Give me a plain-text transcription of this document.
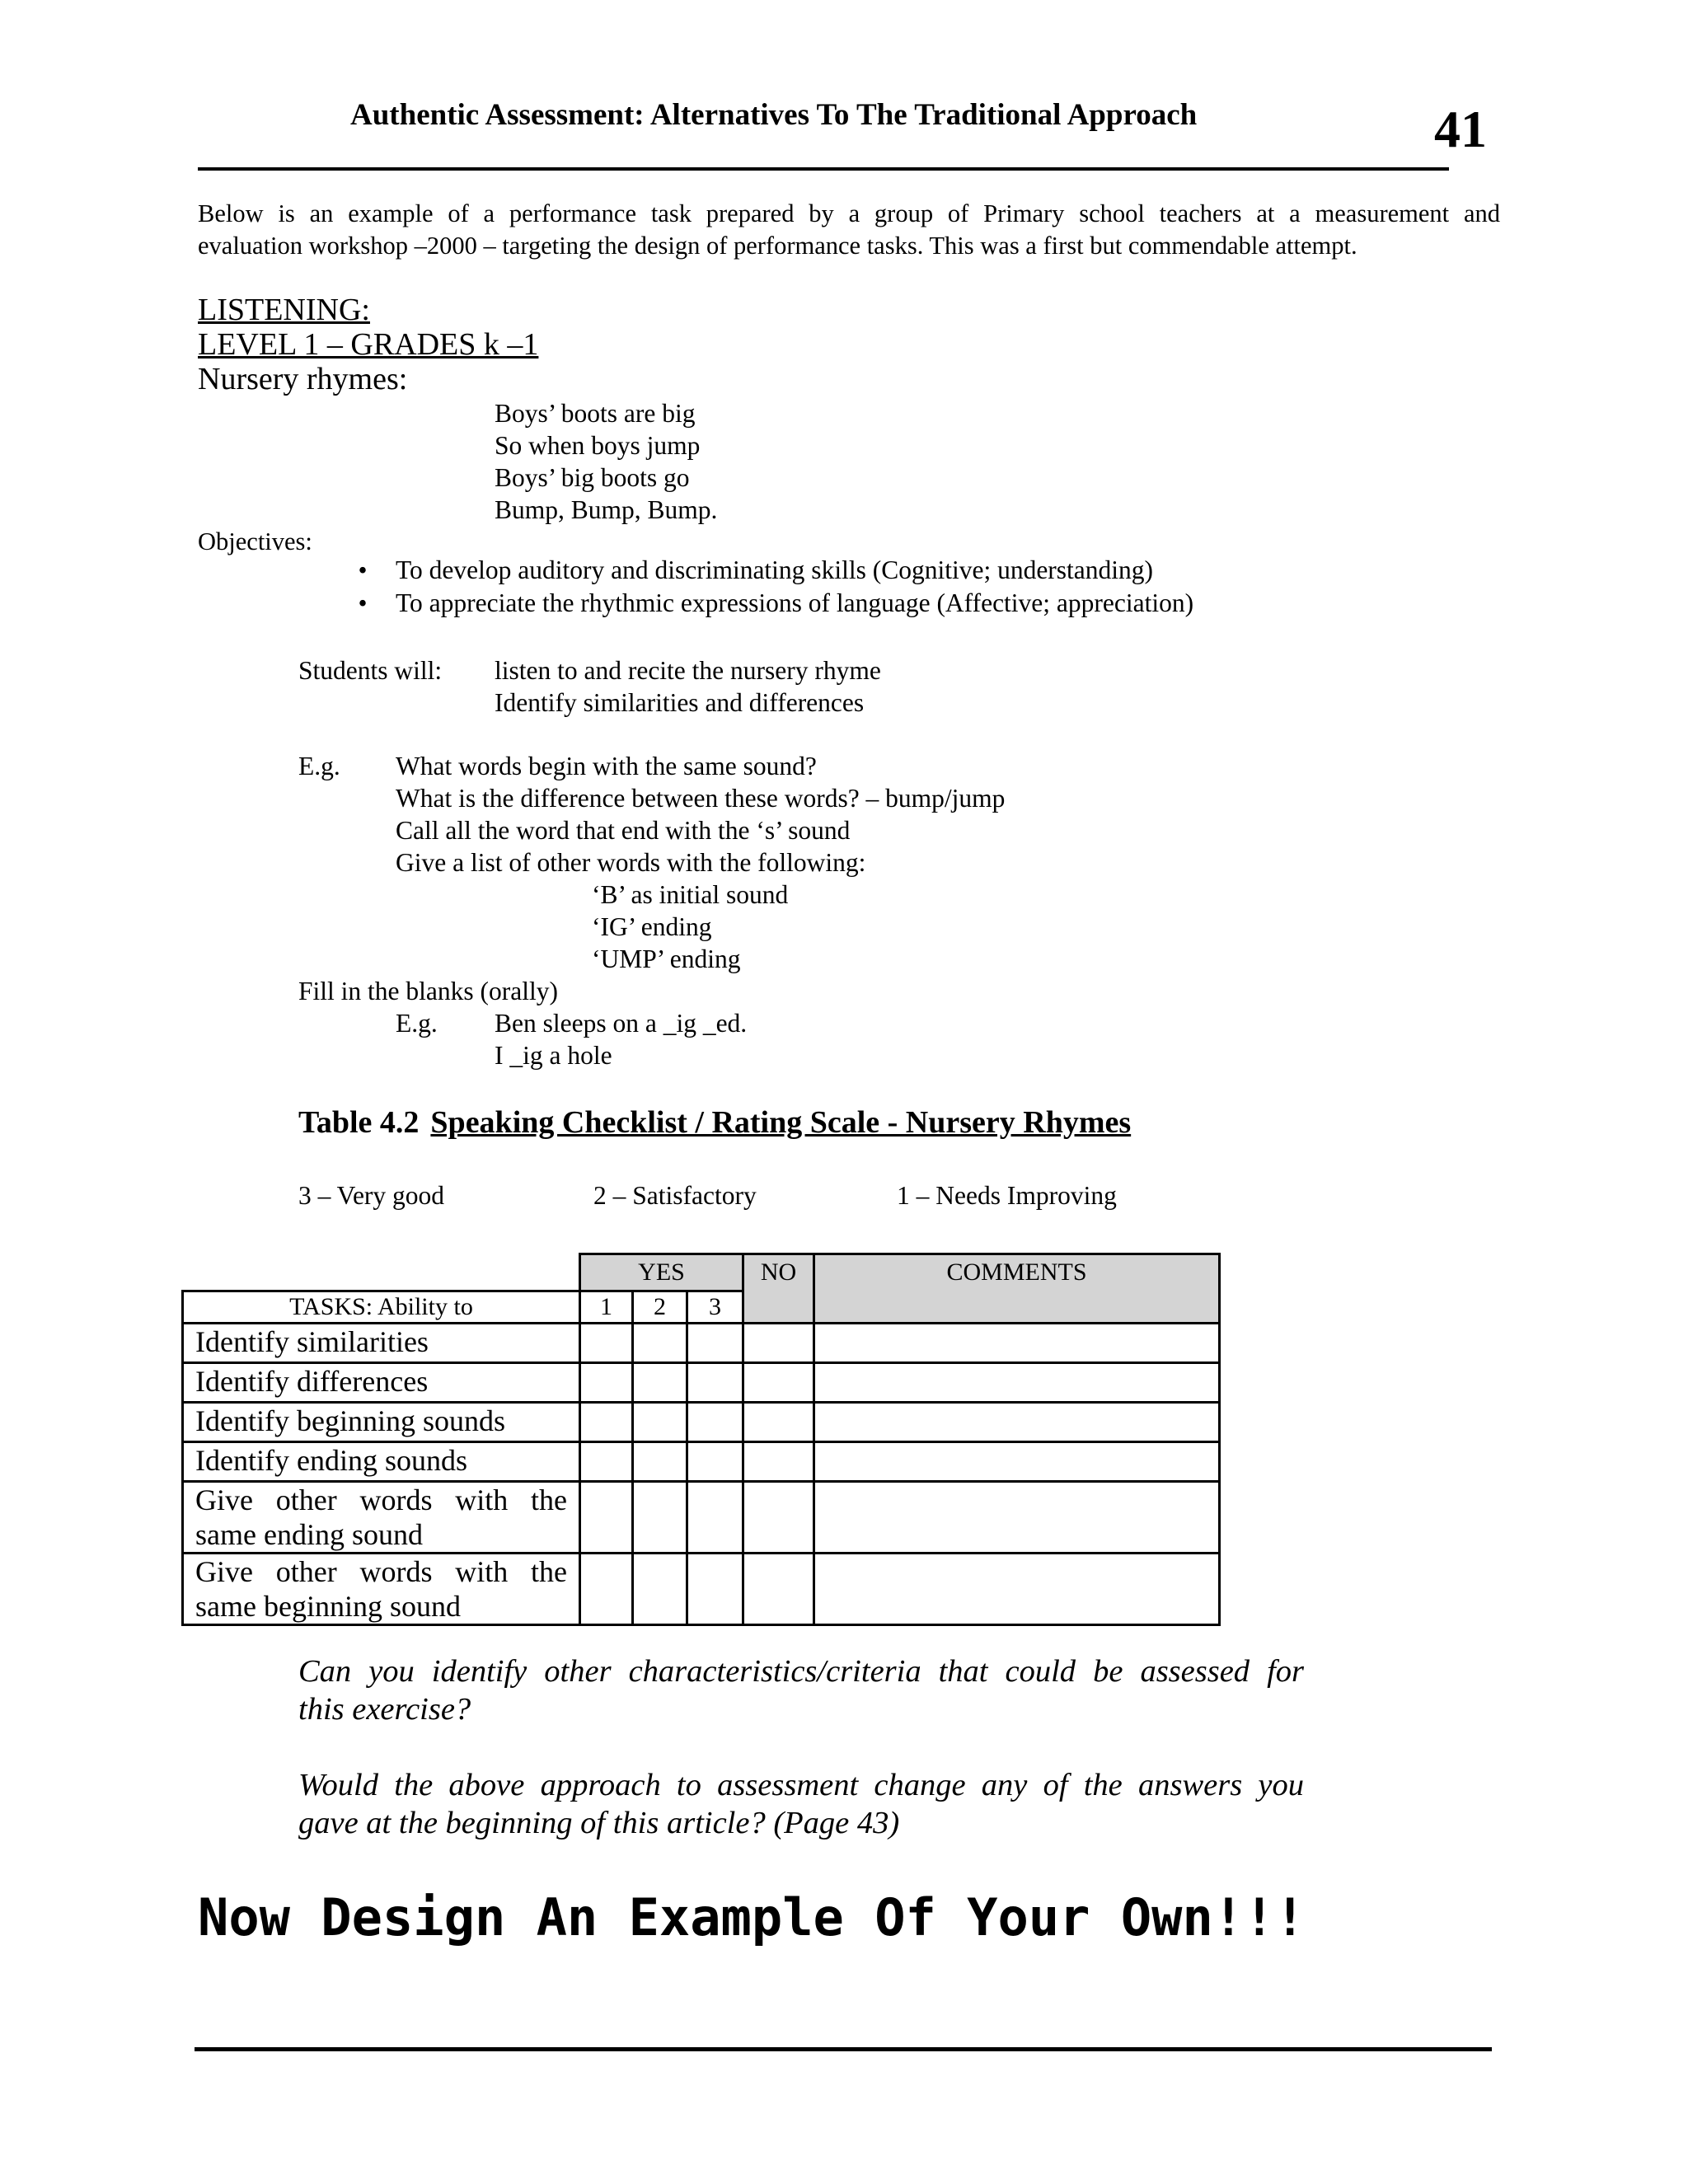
Authentic Assessment: Alternatives To The Traditional Approach	41
Below is an example of a performance task prepared by a group of Primary school teachers at a measurement and
evaluation workshop –2000 – targeting the design of performance tasks. This was a first but commendable attempt.
LISTENING:
LEVEL 1 – GRADES k –1
Nursery rhymes:
Boys’ boots are big
So when boys jump
Boys’ big boots go
Bump, Bump, Bump.
Objectives:
•	To develop auditory and discriminating skills (Cognitive; understanding)
•	To appreciate the rhythmic expressions of language (Affective; appreciation)
Students will: listen to and recite the nursery rhyme
Identify similarities and differences
E.g. What words begin with the same sound?
What is the difference between these words? – bump/jump
Call all the word that end with the ‘s’ sound
Give a list of other words with the following:
‘B’ as initial sound
‘IG’ ending
‘UMP’ ending
Fill in the blanks (orally)
E.g. Ben sleeps on a _ig _ed.
I _ig a hole
Table 4.2 Speaking Checklist / Rating Scale - Nursery Rhymes
3 – Very good	2 – Satisfactory	1 – Needs Improving
	YES			NO	COMMENTS
TASKS: Ability to	1	2	3		
Identify similarities					
Identify differences					
Identify beginning sounds					
Identify ending sounds					
Give other words with the same ending sound					
Give other words with the same beginning sound					
Can you identify other characteristics/criteria that could be assessed for
this exercise?
Would the above approach to assessment change any of the answers you
gave at the beginning of this article? (Page 43)
Now Design An Example Of Your Own!!!
